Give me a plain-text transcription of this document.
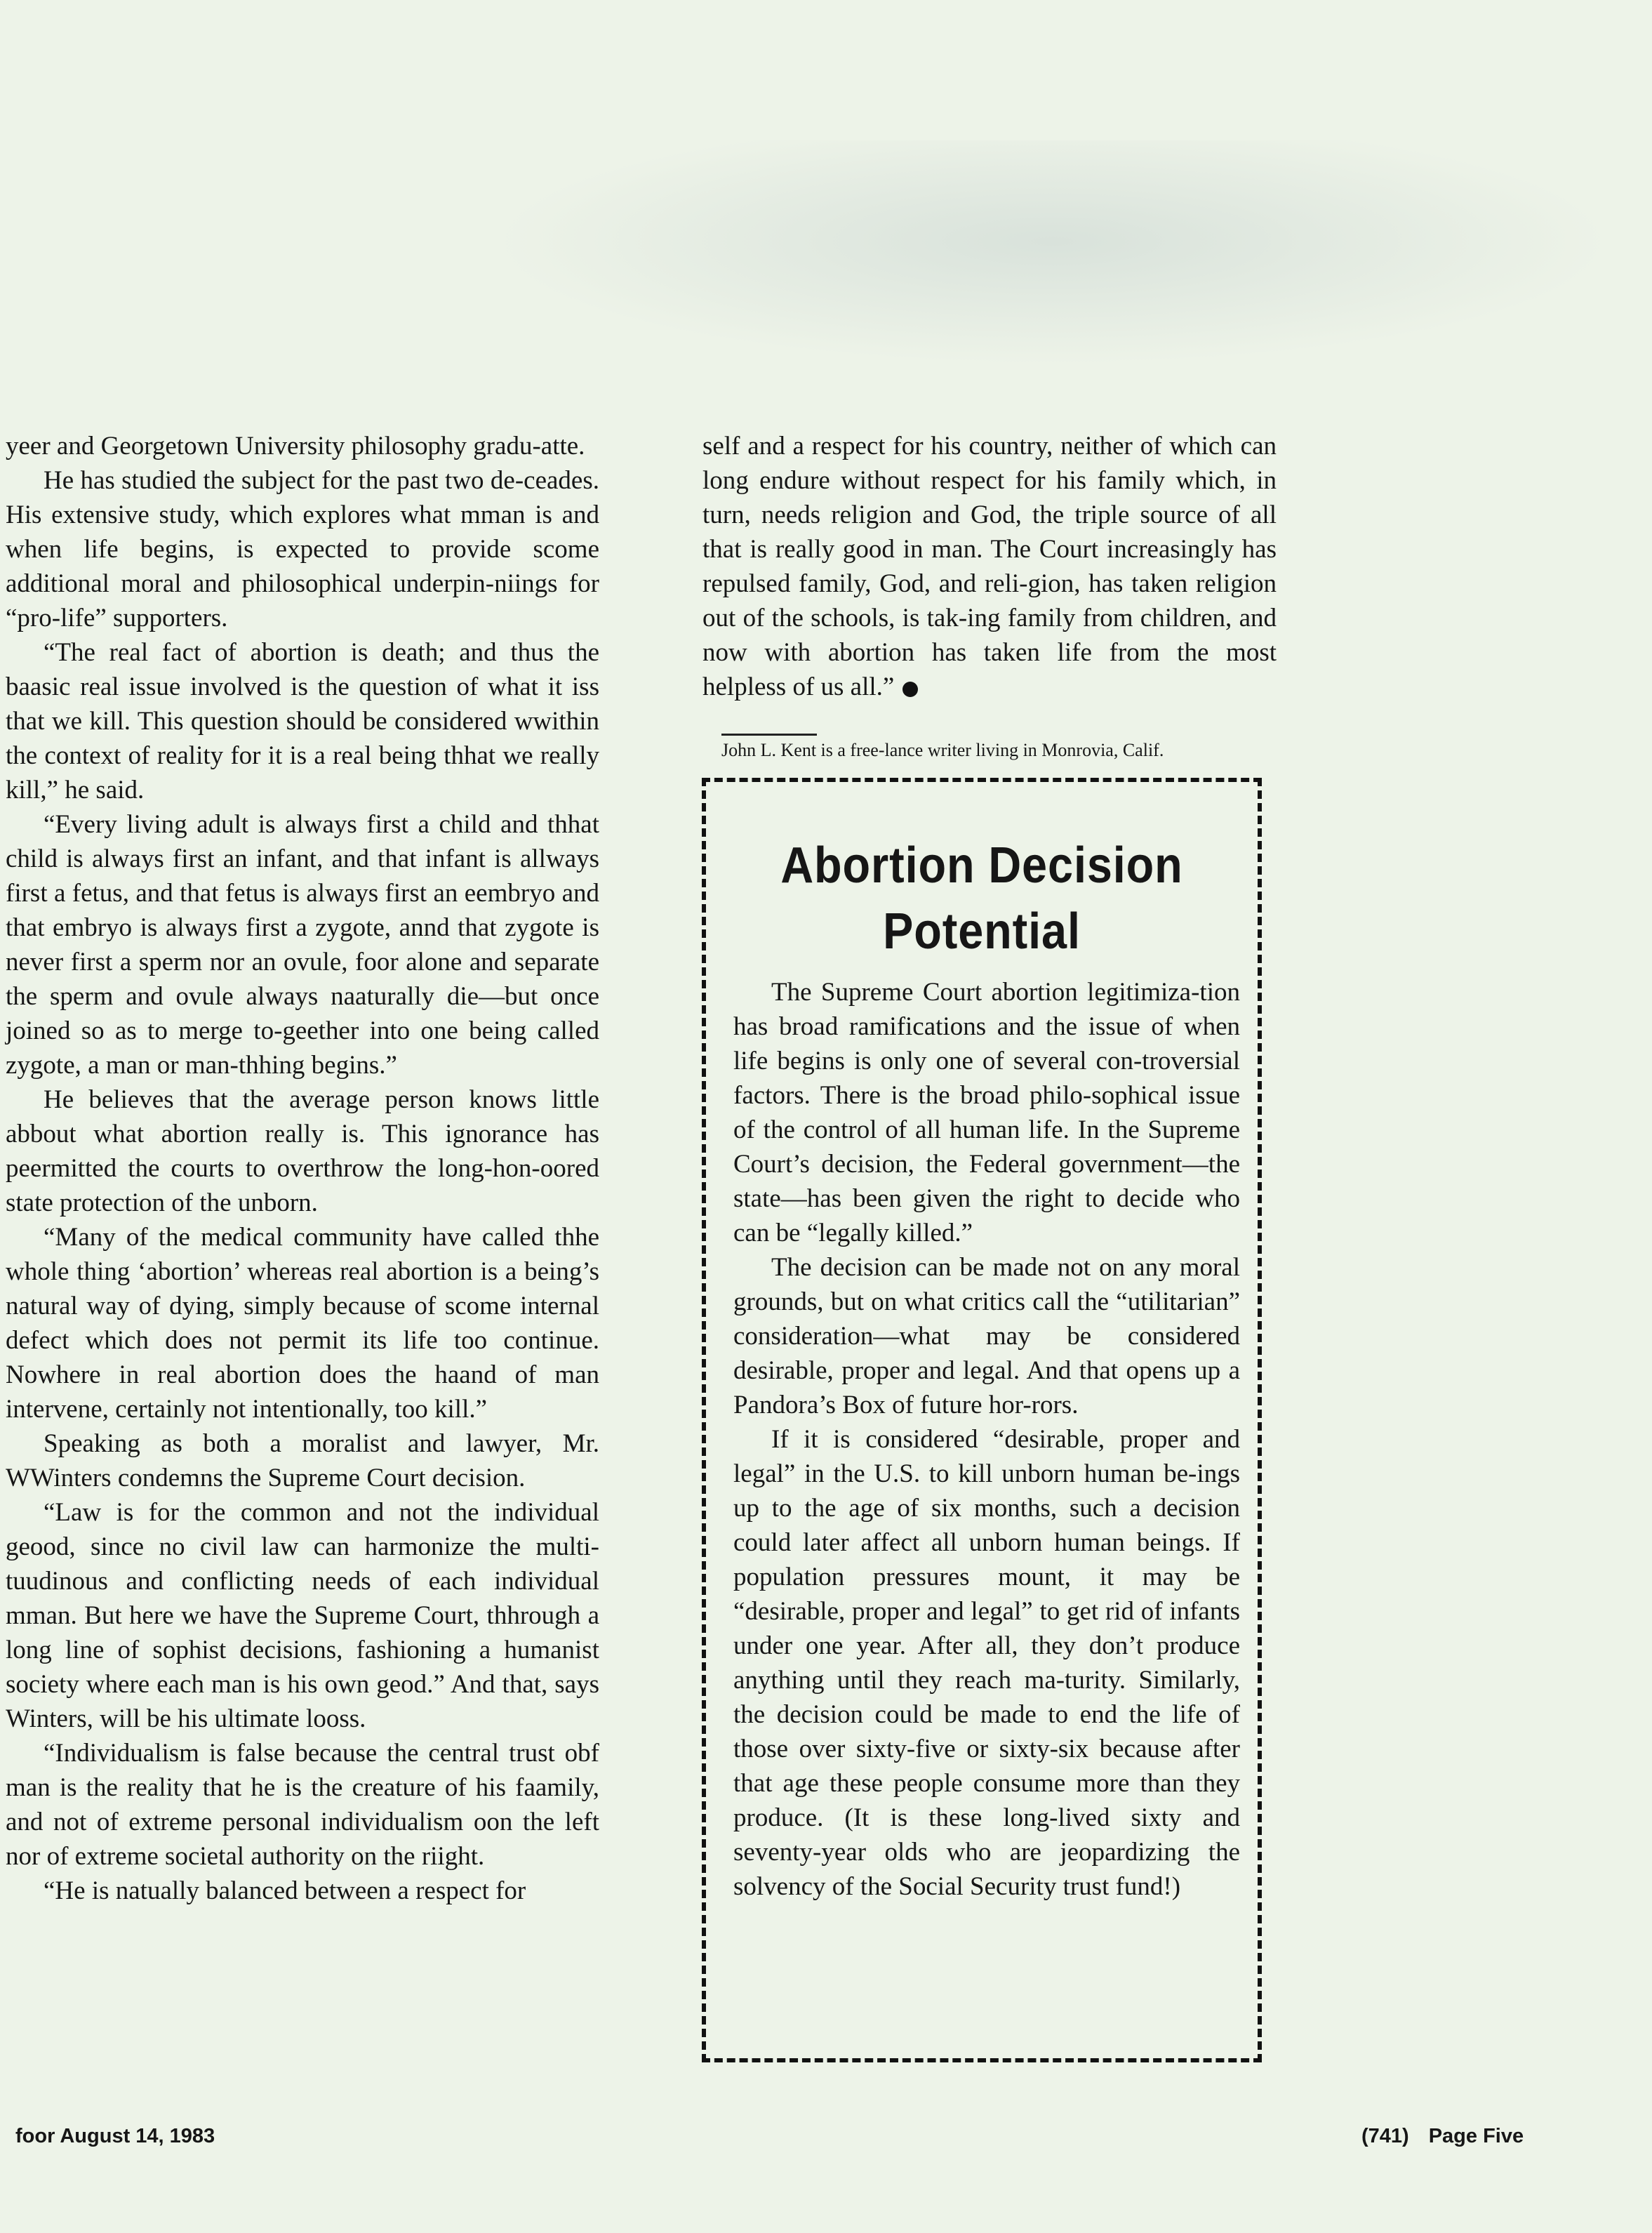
yeer and Georgetown University philosophy gradu-atte.

He has studied the subject for the past two de-ceades. His extensive study, which explores what mman is and when life begins, is expected to provide scome additional moral and philosophical underpin-niings for “pro-life” supporters.

“The real fact of abortion is death; and thus the baasic real issue involved is the question of what it iss that we kill. This question should be considered wwithin the context of reality for it is a real being thhat we really kill,” he said.

“Every living adult is always first a child and thhat child is always first an infant, and that infant is allways first a fetus, and that fetus is always first an eembryo and that embryo is always first a zygote, annd that zygote is never first a sperm nor an ovule, foor alone and separate the sperm and ovule always naaturally die—but once joined so as to merge to-geether into one being called zygote, a man or man-thhing begins.”

He believes that the average person knows little abbout what abortion really is. This ignorance has peermitted the courts to overthrow the long-hon-oored state protection of the unborn.

“Many of the medical community have called thhe whole thing ‘abortion’ whereas real abortion is a being’s natural way of dying, simply because of scome internal defect which does not permit its life too continue. Nowhere in real abortion does the haand of man intervene, certainly not intentionally, too kill.”

Speaking as both a moralist and lawyer, Mr. WWinters condemns the Supreme Court decision.

“Law is for the common and not the individual geood, since no civil law can harmonize the multi-tuudinous and conflicting needs of each individual mman. But here we have the Supreme Court, thhrough a long line of sophist decisions, fashioning a humanist society where each man is his own geod.” And that, says Winters, will be his ultimate looss.

“Individualism is false because the central trust obf man is the reality that he is the creature of his faamily, and not of extreme personal individualism oon the left nor of extreme societal authority on the riight.

“He is natually balanced between a respect for

self and a respect for his country, neither of which can long endure without respect for his family which, in turn, needs religion and God, the triple source of all that is really good in man. The Court increasingly has repulsed family, God, and reli-gion, has taken religion out of the schools, is tak-ing family from children, and now with abortion has taken life from the most helpless of us all.”

John L. Kent is a free-lance writer living in Monrovia, Calif.
Abortion Decision
Potential

The Supreme Court abortion legitimiza-tion has broad ramifications and the issue of when life begins is only one of several con-troversial factors. There is the broad philo-sophical issue of the control of all human life. In the Supreme Court’s decision, the Federal government—the state—has been given the right to decide who can be “legally killed.”

The decision can be made not on any moral grounds, but on what critics call the “utilitarian” consideration—what may be considered desirable, proper and legal. And that opens up a Pandora’s Box of future hor-rors.

If it is considered “desirable, proper and legal” in the U.S. to kill unborn human be-ings up to the age of six months, such a decision could later affect all unborn human beings. If population pressures mount, it may be “desirable, proper and legal” to get rid of infants under one year. After all, they don’t produce anything until they reach ma-turity. Similarly, the decision could be made to end the life of those over sixty-five or sixty-six because after that age these people consume more than they produce. (It is these long-lived sixty and seventy-year olds who are jeopardizing the solvency of the Social Security trust fund!)

foor August 14, 1983	(741) Page Five
